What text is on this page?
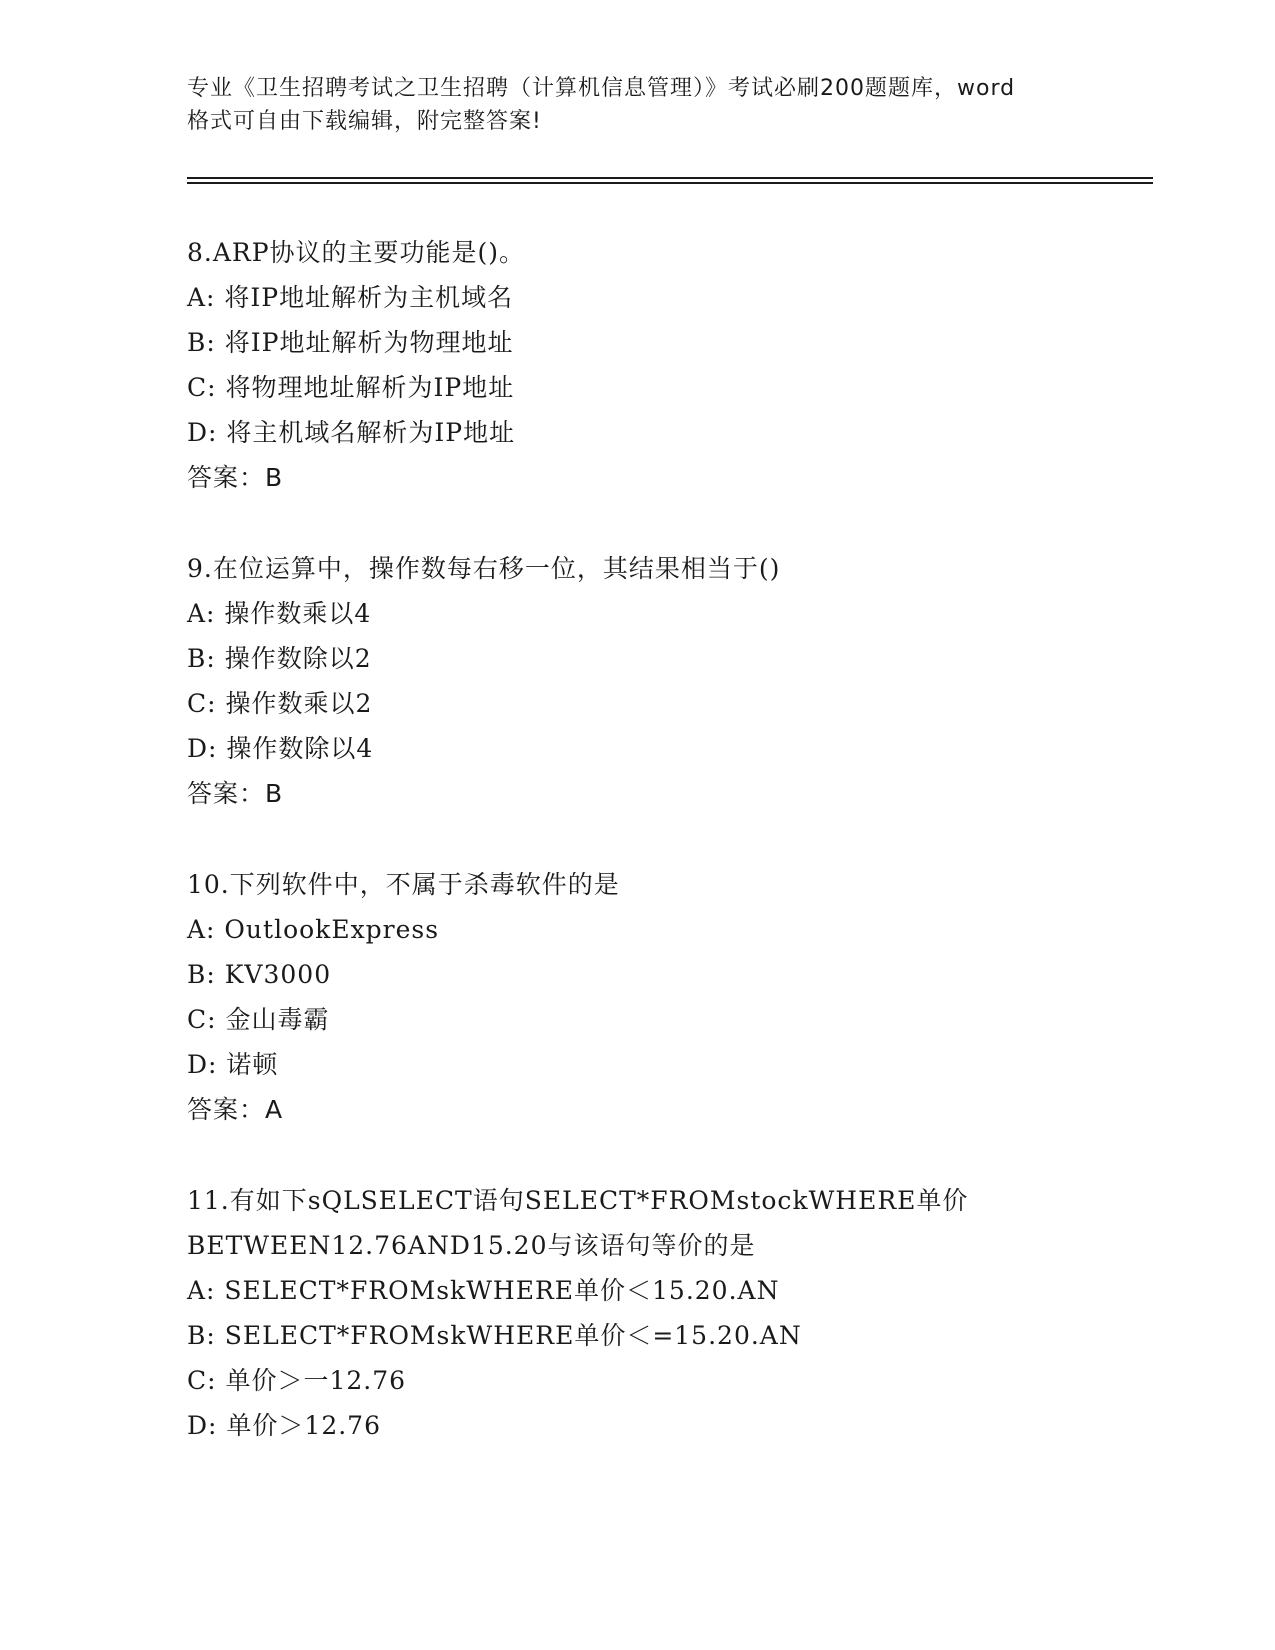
专业《卫生招聘考试之卫生招聘（计算机信息管理）》考试必刷200题题库，word
格式可自由下载编辑，附完整答案!
8.ARP协议的主要功能是()。
A: 将IP地址解析为主机域名
B: 将IP地址解析为物理地址
C: 将物理地址解析为IP地址
D: 将主机域名解析为IP地址
答案：B
9.在位运算中，操作数每右移一位，其结果相当于()
A: 操作数乘以4
B: 操作数除以2
C: 操作数乘以2
D: 操作数除以4
答案：B
10.下列软件中，不属于杀毒软件的是
A: OutlookExpress
B: KV3000
C: 金山毒霸
D: 诺顿
答案：A
11.有如下sQLSELECT语句SELECT*FROMstockWHERE单价
BETWEEN12.76AND15.20与该语句等价的是
A: SELECT*FROMskWHERE单价＜15.20.AN
B: SELECT*FROMskWHERE单价＜=15.20.AN
C: 单价＞一12.76
D: 单价＞12.76
